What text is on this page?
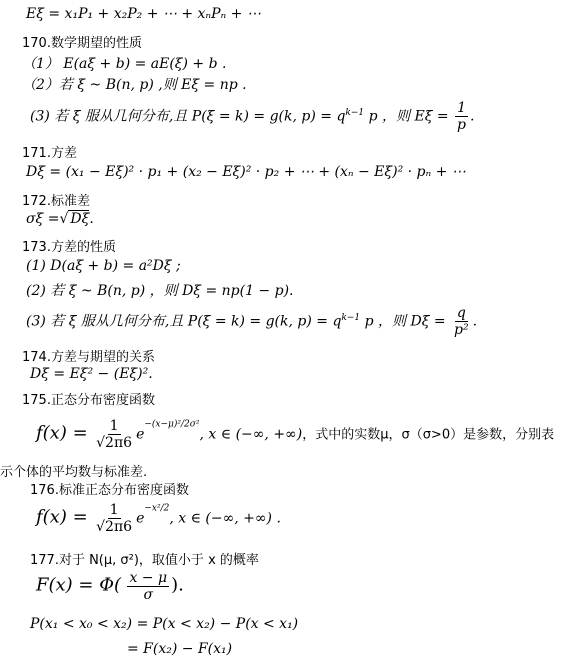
Eξ = x₁P₁ + x₂P₂ + ⋯ + xₙPₙ + ⋯
170.数学期望的性质
（1） E(aξ + b) = aE(ξ) + b .
（2）若 ξ ~ B(n, p) ,则 Eξ = np .
(3) 若 ξ 服从几何分布,且 P(ξ = k) = g(k, $p) = q^{k-1}$ p ，则 $E\xi = \frac{1}{p}$ .
171.方差
Dξ = (x₁ − Eξ)² · p₁ + (x₂ − Eξ)² · p₂ + ⋯ + (xₙ − Eξ)² · pₙ + ⋯
172.标准差
σξ =√ Dξ.
173.方差的性质
(1) D(aξ + b) = a²Dξ ;
(2) 若 ξ ~ B(n, p) ，则 Dξ = np(1 − p).
(3) 若 ξ 服从几何分布,且 P(ξ = k) = g(k, $p) = q^{k-1}$ p ，则 $D\xi = \frac{q}{\text{p²}}$ .
174.方差与期望的关系
Dξ = Eξ² − (Eξ)².
175.正态分布密度函数
$f(x) = \frac{1}{√2\pi 6} e^{-(x-\mu)^2/2\sigma^2}$, x ∈ (−∞, +∞)，式中的实数μ，σ（σ>0）是参数，分别表
示个体的平均数与标准差.
176.标准正态分布密度函数
$f(x) = \frac{1}{√2\pi 6} e^{-x^2/2}$, x ∈ (−∞, +∞) .
177.对于 N(μ, σ²)，取值小于 x 的概率
$F(x) = \Phi( \frac{x - \mu}{\sigma}$ ).
P(x₁ < x₀ < x₂) = P(x < x₂) − P(x < x₁)
= F(x₂) − F(x₁)
